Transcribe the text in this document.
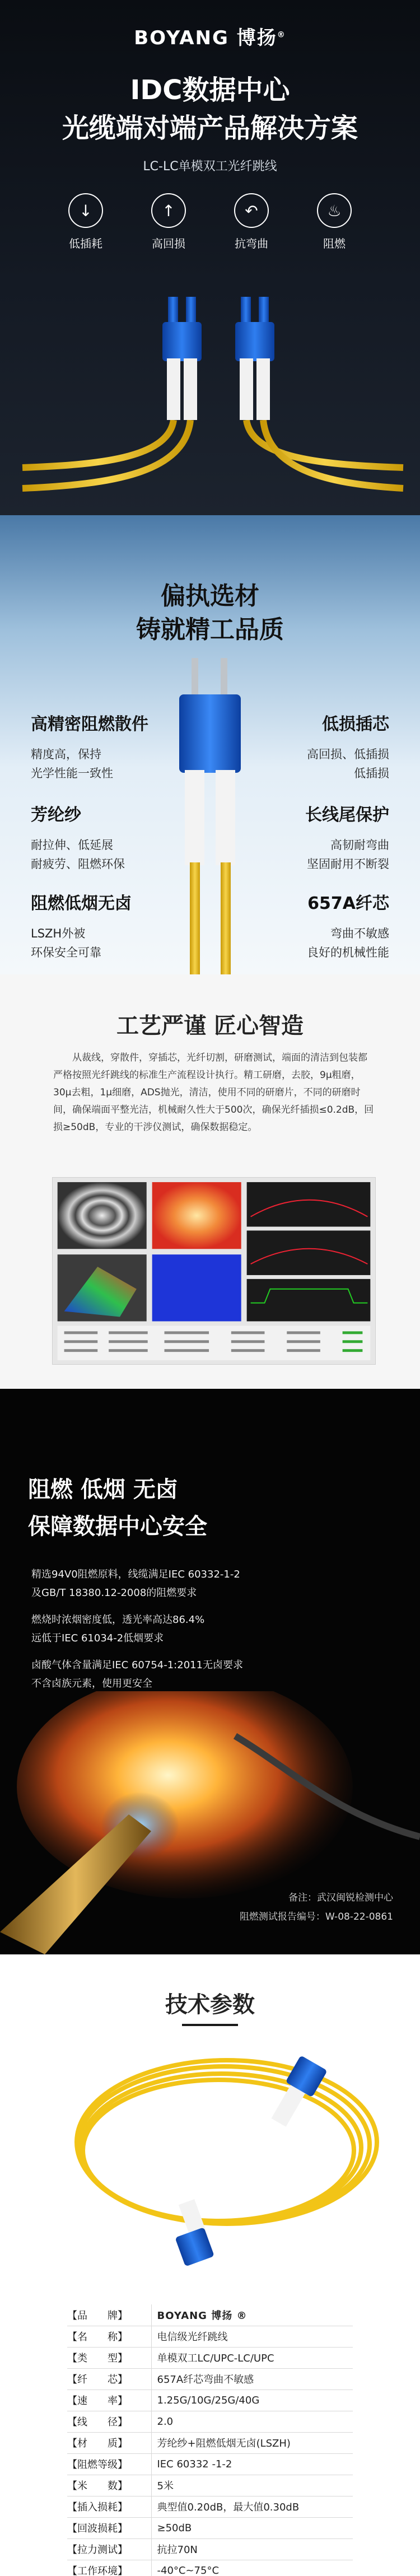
BOYANG 博扬®
IDC数据中心
光缆端对端产品解决方案
LC-LC单模双工光纤跳线
↓
低插耗
↑
高回损
↶
抗弯曲
♨
阻燃
偏执选材
铸就精工品质
高精密阻燃散件
精度高，保持
光学性能一致性
低损插芯
高回损、低插损
低插损
芳纶纱
耐拉伸、低延展
耐疲劳、阻燃环保
长线尾保护
高韧耐弯曲
坚固耐用不断裂
阻燃低烟无卤
LSZH外被
环保安全可靠
657A纤芯
弯曲不敏感
良好的机械性能
工艺严谨 匠心智造
从裁线，穿散件，穿插芯，光纤切割，研磨测试，端面的清洁到包装都严格按照光纤跳线的标准生产流程设计执行。精工研磨，去胶，9μ粗磨，30μ去粗，1μ细磨，ADS抛光，清洁，使用不同的研磨片，不同的研磨时间，确保端面平整光洁，机械耐久性大于500次，确保光纤插损≤0.2dB，回损≥50dB，专业的干涉仪测试，确保数据稳定。
阻燃 低烟 无卤
保障数据中心安全
精选94V0阻燃原料，线缆满足IEC 60332-1-2
及GB/T 18380.12-2008的阻燃要求
燃烧时浓烟密度低，透光率高达86.4%
远低于IEC 61034-2低烟要求
卤酸气体含量满足IEC 60754-1:2011无卤要求
不含卤族元素，使用更安全
备注：武汉闽锐检测中心
阻燃测试报告编号：W-08-22-0861
技术参数
【品　　牌】	BOYANG 博扬 ®
【名　　称】	电信级光纤跳线
【类　　型】	单模双工LC/UPC-LC/UPC
【纤　　芯】	657A纤芯弯曲不敏感
【速　　率】	1.25G/10G/25G/40G
【线　　径】	2.0
【材　　质】	芳纶纱+阻燃低烟无卤(LSZH)
【阻燃等级】	IEC 60332 -1-2
【米　　数】	5米
【插入损耗】	典型值0.20dB，最大值0.30dB
【回波损耗】	≥50dB
【拉力测试】	抗拉70N
【工作环境】	-40°C~75°C
